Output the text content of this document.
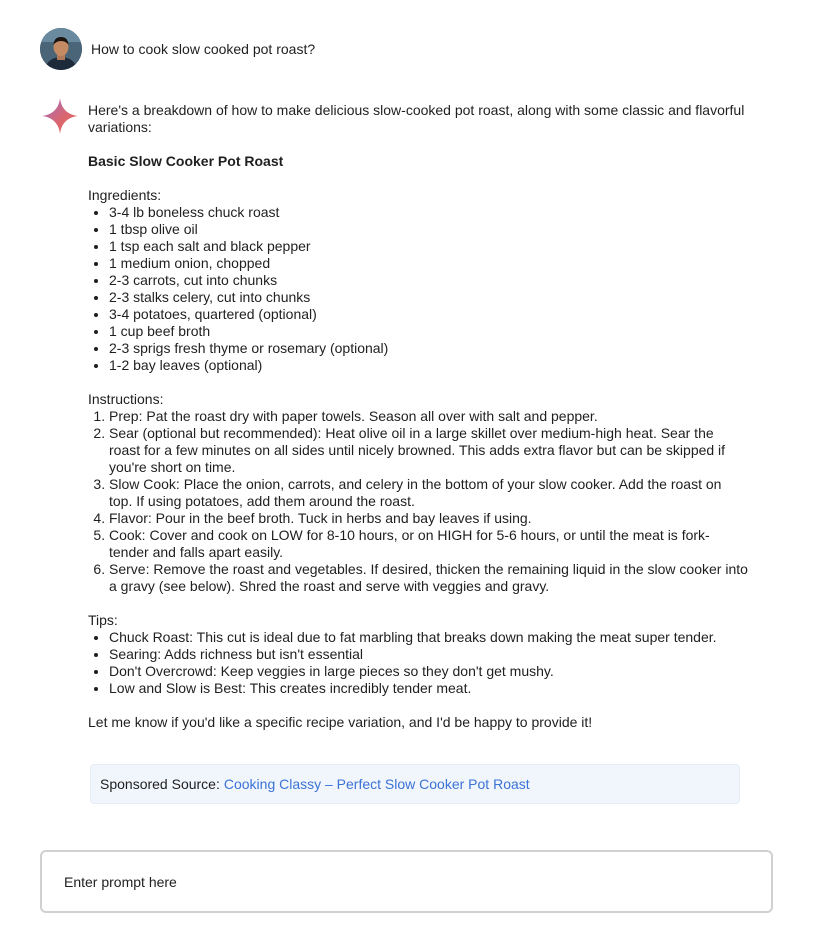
How to cook slow cooked pot roast?

Here's a breakdown of how to make delicious slow-cooked pot roast, along with some classic and flavorful variations:

Basic Slow Cooker Pot Roast

Ingredients:

• 3-4 lb boneless chuck roast
• 1 tbsp olive oil
• 1 tsp each salt and black pepper
• 1 medium onion, chopped
• 2-3 carrots, cut into chunks
• 2-3 stalks celery, cut into chunks
• 3-4 potatoes, quartered (optional)
• 1 cup beef broth
• 2-3 sprigs fresh thyme or rosemary (optional)
• 1-2 bay leaves (optional)

Instructions:

1. Prep: Pat the roast dry with paper towels. Season all over with salt and pepper.
2. Sear (optional but recommended): Heat olive oil in a large skillet over medium-high heat. Sear the roast for a few minutes on all sides until nicely browned. This adds extra flavor but can be skipped if you're short on time.
3. Slow Cook: Place the onion, carrots, and celery in the bottom of your slow cooker. Add the roast on top. If using potatoes, add them around the roast.
4. Flavor: Pour in the beef broth. Tuck in herbs and bay leaves if using.
5. Cook: Cover and cook on LOW for 8-10 hours, or on HIGH for 5-6 hours, or until the meat is fork-tender and falls apart easily.
6. Serve: Remove the roast and vegetables. If desired, thicken the remaining liquid in the slow cooker into a gravy (see below). Shred the roast and serve with veggies and gravy.

Tips:

• Chuck Roast: This cut is ideal due to fat marbling that breaks down making the meat super tender.
• Searing: Adds richness but isn't essential
• Don't Overcrowd: Keep veggies in large pieces so they don't get mushy.
• Low and Slow is Best: This creates incredibly tender meat.

Let me know if you'd like a specific recipe variation, and I'd be happy to provide it!

Sponsored Source: Cooking Classy – Perfect Slow Cooker Pot Roast
Enter prompt here
